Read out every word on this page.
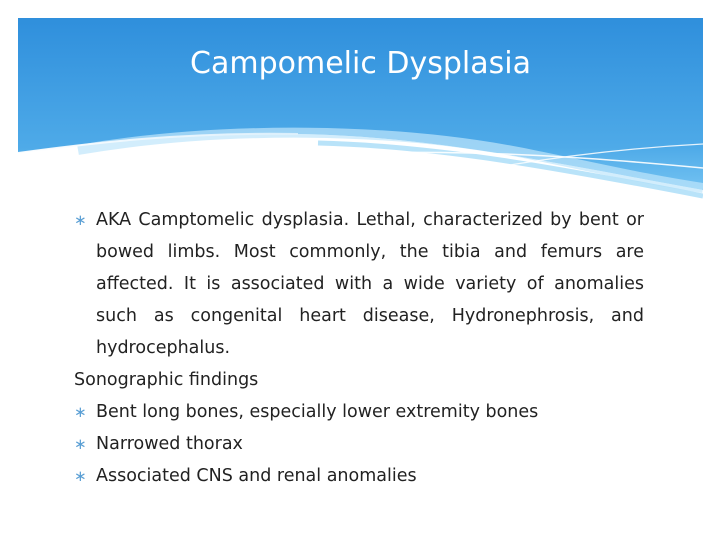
Campomelic Dysplasia
∗ AKA Camptomelic dysplasia. Lethal, characterized by bent or bowed limbs. Most commonly, the tibia and femurs are affected. It is associated with a wide variety of anomalies such as congenital heart disease, Hydronephrosis, and hydrocephalus.
Sonographic findings
∗ Bent long bones, especially lower extremity bones
∗ Narrowed thorax
∗ Associated CNS and renal anomalies
